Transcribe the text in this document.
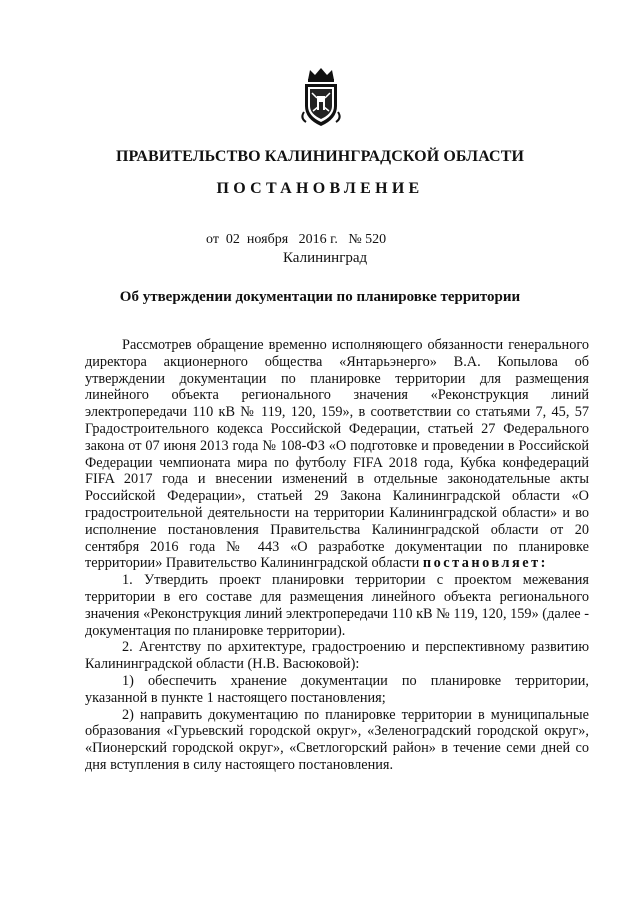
ПРАВИТЕЛЬСТВО КАЛИНИНГРАДСКОЙ ОБЛАСТИ
ПОСТАНОВЛЕНИЕ
от  02  ноября   2016 г.   № 520
Калининград
Об утверждении документации по планировке территории

Рассмотрев обращение временно исполняющего обязанности генерального директора акционерного общества «Янтарьэнерго» В.А. Копылова об утверждении документации по планировке территории для размещения линейного объекта регионального значения «Реконструкция линий электропередачи 110 кВ № 119, 120, 159», в соответствии со статьями 7, 45, 57 Градостроительного кодекса Российской Федерации, статьей 27 Федерального закона от 07 июня 2013 года № 108-ФЗ «О подготовке и проведении в Российской Федерации чемпионата мира по футболу FIFA 2018 года, Кубка конфедераций FIFA 2017 года и внесении изменений в отдельные законодательные акты Российской Федерации», статьей 29 Закона Калининградской области «О градостроительной деятельности на территории Калининградской области» и во исполнение постановления Правительства Калининградской области от 20 сентября 2016 года № 443 «О разработке документации по планировке территории» Правительство Калининградской области постановляет:

1. Утвердить проект планировки территории с проектом межевания территории в его составе для размещения линейного объекта регионального значения «Реконструкция линий электропередачи 110 кВ № 119, 120, 159» (далее - документация по планировке территории).

2. Агентству по архитектуре, градостроению и перспективному развитию Калининградской области (Н.В. Васюковой):

1) обеспечить хранение документации по планировке территории, указанной в пункте 1 настоящего постановления;

2) направить документацию по планировке территории в муниципальные образования «Гурьевский городской округ», «Зеленоградский городской округ», «Пионерский городской округ», «Светлогорский район» в течение семи дней со дня вступления в силу настоящего постановления.
